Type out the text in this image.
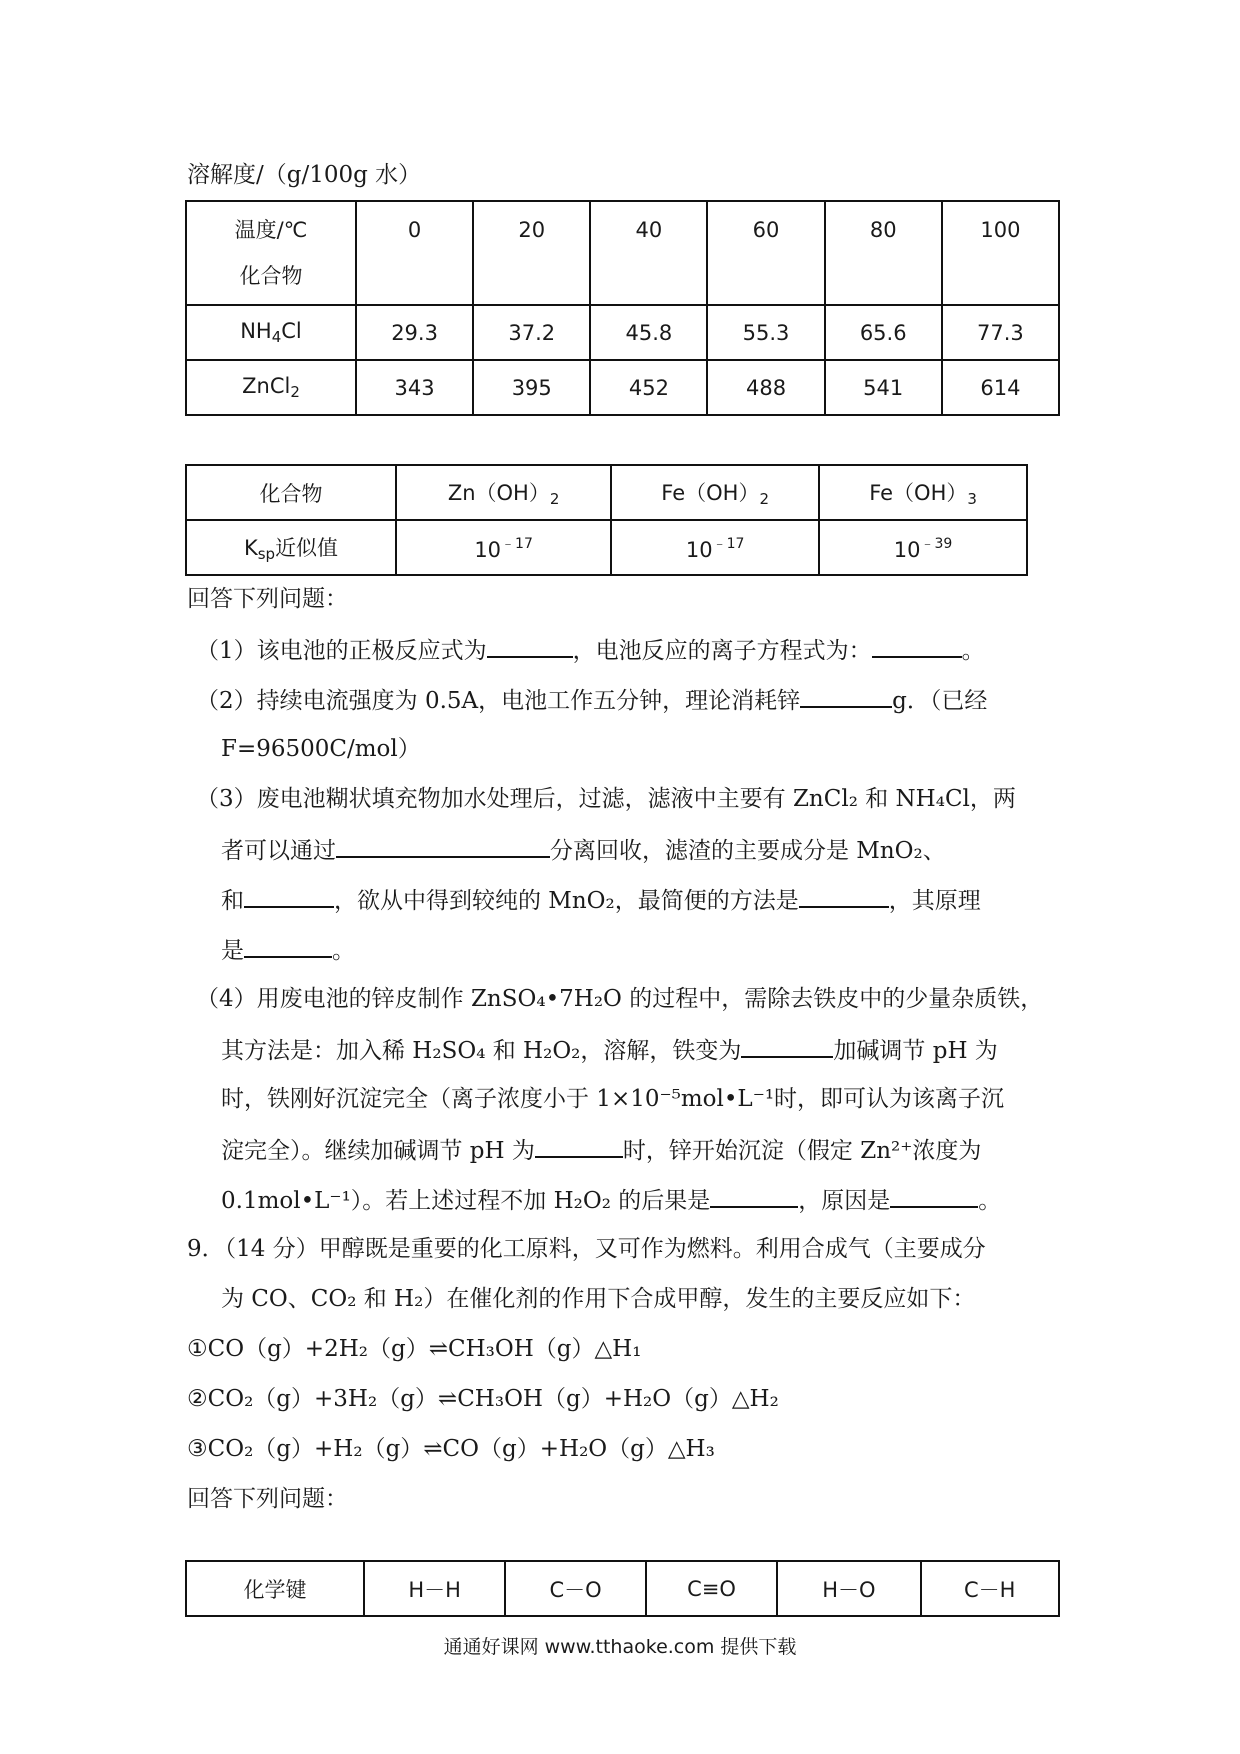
溶解度/（g/100g 水）
温度/℃
化合物	0	20	40	60	80	100
$NH_4Cl$	29.3	37.2	45.8	55.3	65.6	77.3
ZnCl$_2$	343	395	452	488	541	614
化合物	$Zn(OH)_2$	$Fe(OH)_2$	$Fe(OH)_3$
$K_{sp}$近似值	$10^{﹣17}$	$10^{﹣17}$	$10^{﹣39}$
回答下列问题：
（1）该电池的正极反应式为	，电池反应的离子方程式为：	。
（2）持续电流强度为 0.5A，电池工作五分钟，理论消耗锌	g．（已经
F=96500C/mol）
（3）废电池糊状填充物加水处理后，过滤，滤液中主要有 ZnCl₂ 和 NH₄Cl，两
者可以通过	分离回收，滤渣的主要成分是 MnO₂、
和	，欲从中得到较纯的 MnO₂，最简便的方法是	，其原理
是	。
（4）用废电池的锌皮制作 ZnSO₄•7H₂O 的过程中，需除去铁皮中的少量杂质铁，
其方法是：加入稀 H₂SO₄ 和 H₂O₂，溶解，铁变为	加碱调节 pH 为
时，铁刚好沉淀完全（离子浓度小于 1×10⁻⁵mol•L⁻¹时，即可认为该离子沉
淀完全）。继续加碱调节 pH 为	时，锌开始沉淀（假定 Zn²⁺浓度为
0.1mol•L⁻¹）。若上述过程不加 H₂O₂ 的后果是	，原因是	。
9．（14 分）甲醇既是重要的化工原料，又可作为燃料。利用合成气（主要成分
为 CO、CO₂ 和 H₂）在催化剂的作用下合成甲醇，发生的主要反应如下：
①CO（g）+2H₂（g）⇌CH₃OH（g）△H₁
②CO₂（g）+3H₂（g）⇌CH₃OH（g）+H₂O（g）△H₂
③CO₂（g）+H₂（g）⇌CO（g）+H₂O（g）△H₃
回答下列问题：
化学键	H－H	C－O	C≡O	H－O	C－H
通通好课网 www.tthaoke.com 提供下载
